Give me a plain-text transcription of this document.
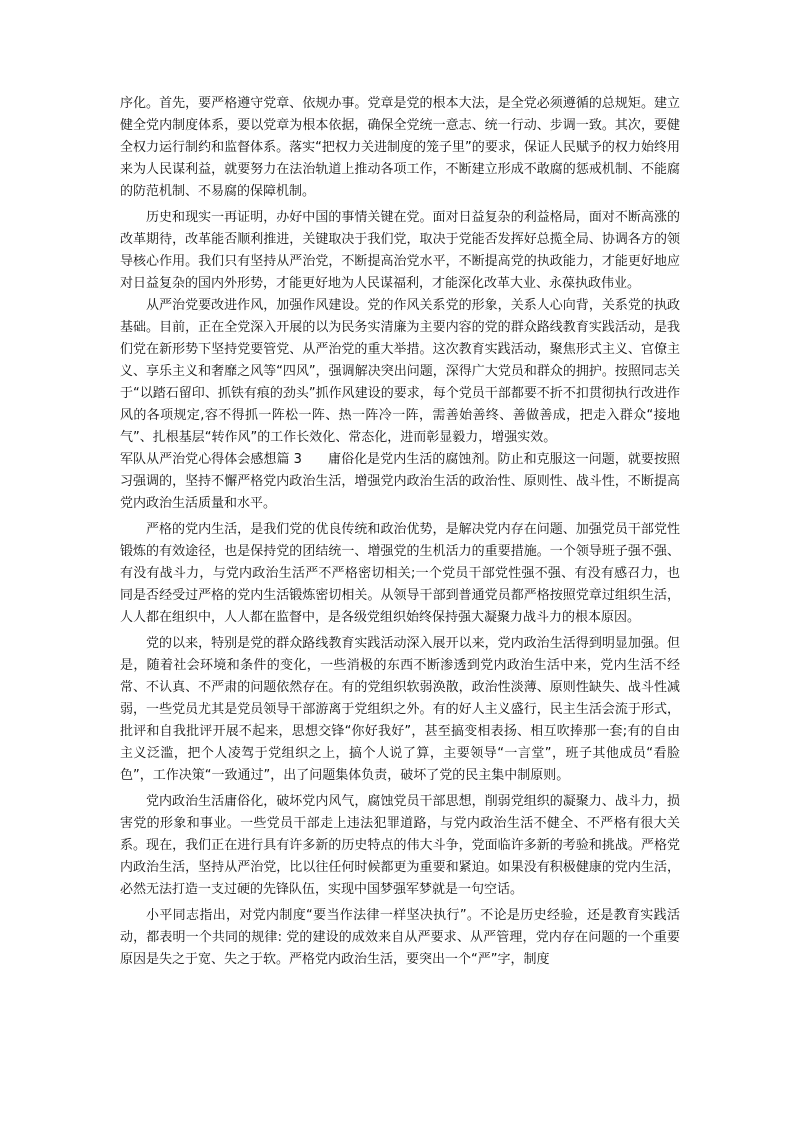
序化。首先，要严格遵守党章、依规办事。党章是党的根本大法，是全党必须遵循的总规矩。建立健全党内制度体系，要以党章为根本依据，确保全党统一意志、统一行动、步调一致。其次，要健全权力运行制约和监督体系。落实“把权力关进制度的笼子里”的要求，保证人民赋予的权力始终用来为人民谋利益，就要努力在法治轨道上推动各项工作，不断建立形成不敢腐的惩戒机制、不能腐的防范机制、不易腐的保障机制。

历史和现实一再证明，办好中国的事情关键在党。面对日益复杂的利益格局，面对不断高涨的改革期待，改革能否顺利推进，关键取决于我们党，取决于党能否发挥好总揽全局、协调各方的领导核心作用。我们只有坚持从严治党，不断提高治党水平，不断提高党的执政能力，才能更好地应对日益复杂的国内外形势，才能更好地为人民谋福利，才能深化改革大业、永葆执政伟业。

从严治党要改进作风，加强作风建设。党的作风关系党的形象，关系人心向背，关系党的执政基础。目前，正在全党深入开展的以为民务实清廉为主要内容的党的群众路线教育实践活动，是我们党在新形势下坚持党要管党、从严治党的重大举措。这次教育实践活动，聚焦形式主义、官僚主义、享乐主义和奢靡之风等“四风”，强调解决突出问题，深得广大党员和群众的拥护。按照同志关于“以踏石留印、抓铁有痕的劲头”抓作风建设的要求，每个党员干部都要不折不扣贯彻执行改进作风的各项规定,容不得抓一阵松一阵、热一阵冷一阵，需善始善终、善做善成，把走入群众“接地气”、扎根基层“转作风”的工作长效化、常态化，进而彰显毅力，增强实效。

军队从严治党心得体会感想篇 3　　庸俗化是党内生活的腐蚀剂。防止和克服这一问题，就要按照习强调的，坚持不懈严格党内政治生活，增强党内政治生活的政治性、原则性、战斗性，不断提高党内政治生活质量和水平。

严格的党内生活，是我们党的优良传统和政治优势，是解决党内存在问题、加强党员干部党性锻炼的有效途径，也是保持党的团结统一、增强党的生机活力的重要措施。一个领导班子强不强、有没有战斗力，与党内政治生活严不严格密切相关;一个党员干部党性强不强、有没有感召力，也同是否经受过严格的党内生活锻炼密切相关。从领导干部到普通党员都严格按照党章过组织生活，人人都在组织中，人人都在监督中，是各级党组织始终保持强大凝聚力战斗力的根本原因。

党的以来，特别是党的群众路线教育实践活动深入展开以来，党内政治生活得到明显加强。但是，随着社会环境和条件的变化，一些消极的东西不断渗透到党内政治生活中来，党内生活不经常、不认真、不严肃的问题依然存在。有的党组织软弱涣散，政治性淡薄、原则性缺失、战斗性减弱，一些党员尤其是党员领导干部游离于党组织之外。有的好人主义盛行，民主生活会流于形式，批评和自我批评开展不起来，思想交锋“你好我好”，甚至搞变相表扬、相互吹捧那一套;有的自由主义泛滥，把个人凌驾于党组织之上，搞个人说了算，主要领导“一言堂”，班子其他成员“看脸色”，工作决策“一致通过”，出了问题集体负责，破坏了党的民主集中制原则。

党内政治生活庸俗化，破坏党内风气，腐蚀党员干部思想，削弱党组织的凝聚力、战斗力，损害党的形象和事业。一些党员干部走上违法犯罪道路，与党内政治生活不健全、不严格有很大关系。现在，我们正在进行具有许多新的历史特点的伟大斗争，党面临许多新的考验和挑战。严格党内政治生活，坚持从严治党，比以往任何时候都更为重要和紧迫。如果没有积极健康的党内生活，必然无法打造一支过硬的先锋队伍，实现中国梦强军梦就是一句空话。

小平同志指出，对党内制度“要当作法律一样坚决执行”。不论是历史经验，还是教育实践活动，都表明一个共同的规律: 党的建设的成效来自从严要求、从严管理，党内存在问题的一个重要原因是失之于宽、失之于软。严格党内政治生活，要突出一个“严”字，制度
